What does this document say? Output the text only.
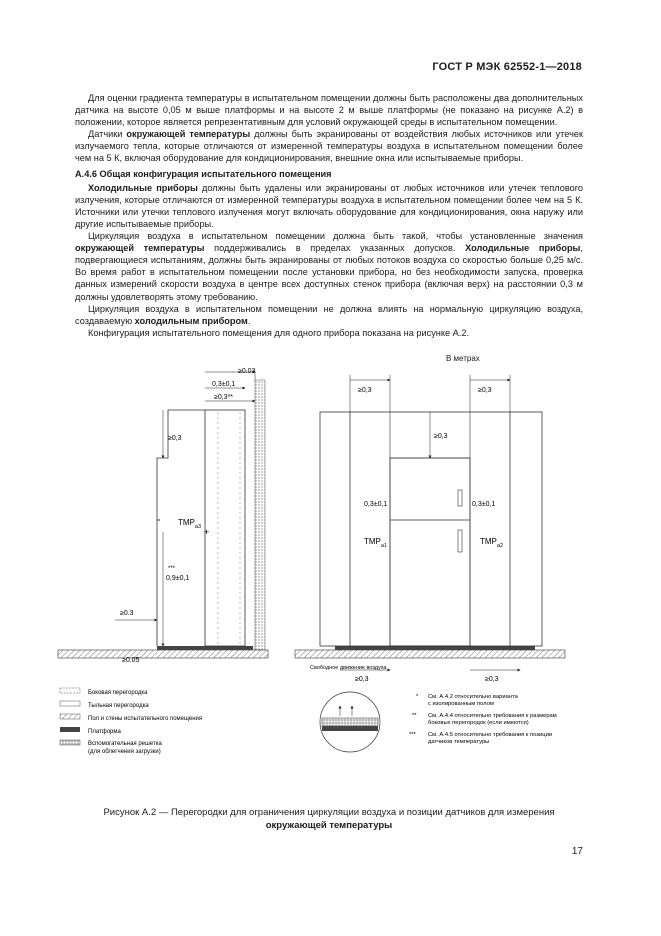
ГОСТ Р МЭК 62552-1—2018

Для оценки градиента температуры в испытательном помещении должны быть расположены два дополнительных датчика на высоте 0,05 м выше платформы и на высоте 2 м выше платформы (не показано на рисунке А.2) в положении, которое является репрезентативным для условий окружающей среды в испытательном помещении.

Датчики окружающей температуры должны быть экранированы от воздействия любых источников или утечек излучаемого тепла, которые отличаются от измеренной температуры воздуха в испытательном помещении более чем на 5 К, включая оборудование для кондиционирования, внешние окна или испытываемые приборы.

А.4.6 Общая конфигурация испытательного помещения

Холодильные приборы должны быть удалены или экранированы от любых источников или утечек теплового излучения, которые отличаются от измеренной температуры воздуха в испытательном помещении более чем на 5 К. Источники или утечки теплового излучения могут включать оборудование для кондиционирования, окна наружу или другие испытываемые приборы.

Циркуляция воздуха в испытательном помещении должна быть такой, чтобы установленные значения окружающей температуры поддерживались в пределах указанных допусков. Холодильные приборы, подвергающиеся испытаниям, должны быть экранированы от любых потоков воздуха со скоростью больше 0,25 м/с. Во время работ в испытательном помещении после установки прибора, но без необходимости запуска, проверка данных измерений скорости воздуха в центре всех доступных стенок прибора (включая верх) на расстоянии 0,3 м должны удовлетворять этому требованию.

Циркуляция воздуха в испытательном помещении не должна влиять на нормальную циркуляцию воздуха, создаваемую холодильным прибором.

Конфигурация испытательного помещения для одного прибора показана на рисунке А.2.

В метрах
≥0.03
0,3±0,1
≥0,3**
≥0,3
$TMP_{a3}$ +
***
0,9±0,1
≥0.3
≥0.05
≥0,3	≥0,3
≥0,3
0,3±0,1	0,3±0,1
$TMP_{a1}$	$TMP_{a2}$
≥0,3	≥0,3
Свободное движение воздуха
Боковая перегородка
Тыльная перегородка
Пол и стены испытательного помещения
Платформа
Вспомогательная решетка
(для облегчения загрузки)
* См. А.4.2 относительно варианта
с изолированным полом
** См. А.4.4 относительно требования к размерам
боковых перегородок (если имеются)
*** См. А.4.5 относительно требования к позиции
датчиков температуры
Рисунок А.2 — Перегородки для ограничения циркуляции воздуха и позиции датчиков для измерения
окружающей температуры
17
